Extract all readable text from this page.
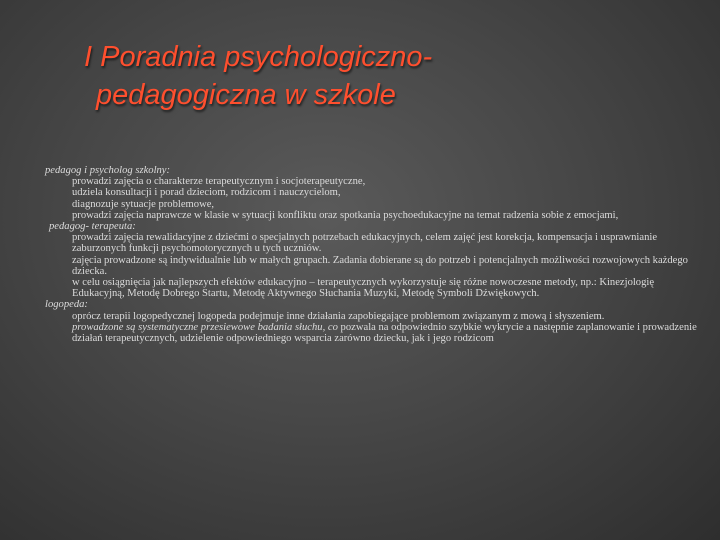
I Poradnia psychologiczno-
pedagogiczna w szkole
pedagog i psycholog szkolny:
prowadzi zajęcia o charakterze terapeutycznym i socjoterapeutyczne,
udziela konsultacji i porad dzieciom, rodzicom i nauczycielom,
diagnozuje sytuacje problemowe,
prowadzi zajęcia naprawcze w klasie w sytuacji konfliktu oraz spotkania psychoedukacyjne na temat radzenia sobie z emocjami,
pedagog- terapeuta:
prowadzi zajęcia rewalidacyjne z dziećmi o specjalnych potrzebach edukacyjnych, celem zajęć jest korekcja, kompensacja i usprawnianie zaburzonych funkcji psychomotorycznych u tych uczniów.
zajęcia prowadzone są indywidualnie lub w małych grupach. Zadania dobierane są do potrzeb i potencjalnych możliwości rozwojowych każdego dziecka.
w celu osiągnięcia jak najlepszych efektów edukacyjno – terapeutycznych wykorzystuje się różne nowoczesne metody, np.: Kinezjologię Edukacyjną, Metodę Dobrego Startu, Metodę Aktywnego Słuchania Muzyki, Metodę Symboli Dźwiękowych.
logopeda:
oprócz terapii logopedycznej logopeda podejmuje inne działania zapobiegające problemom związanym z mową i słyszeniem.
prowadzone są systematyczne przesiewowe badania słuchu, co pozwala na odpowiednio szybkie wykrycie a następnie zaplanowanie i prowadzenie działań terapeutycznych, udzielenie odpowiedniego wsparcia zarówno dziecku, jak i jego rodzicom
